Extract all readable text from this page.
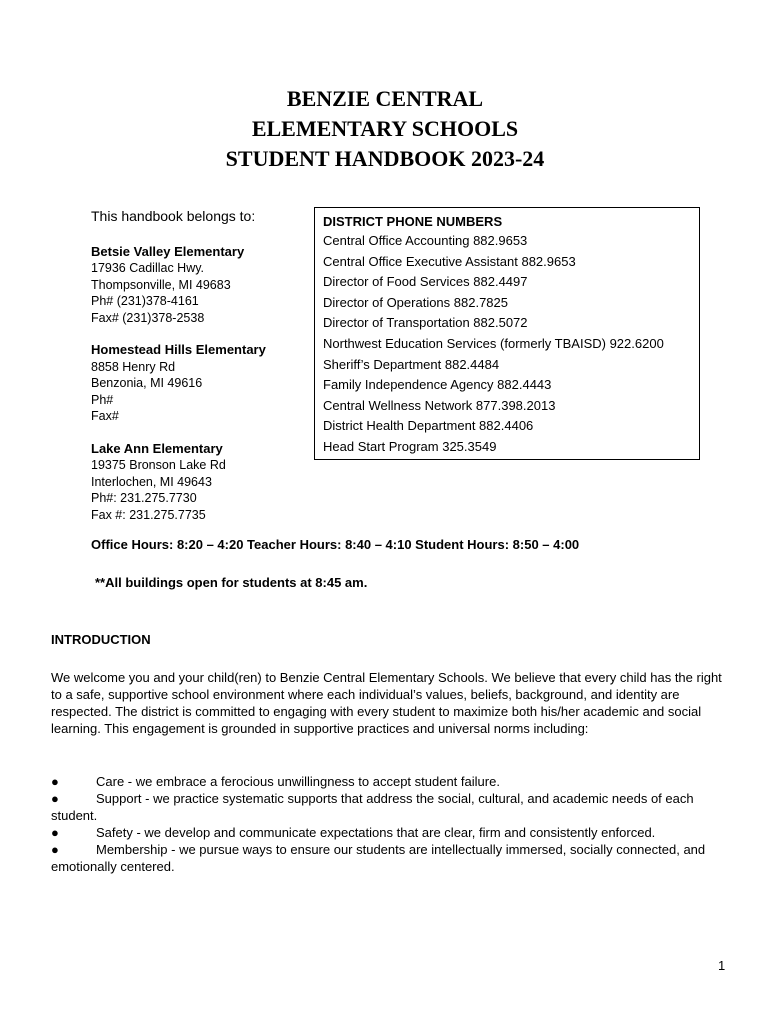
BENZIE CENTRAL
ELEMENTARY SCHOOLS
STUDENT HANDBOOK 2023-24
This handbook belongs to:
Betsie Valley Elementary
17936 Cadillac Hwy.
Thompsonville, MI 49683
Ph# (231)378-4161
Fax# (231)378-2538
Homestead Hills Elementary
8858 Henry Rd
Benzonia, MI 49616
Ph#
Fax#
Lake Ann Elementary
19375 Bronson Lake Rd
Interlochen, MI 49643
Ph#: 231.275.7730
Fax #: 231.275.7735
DISTRICT PHONE NUMBERS
Central Office Accounting 882.9653
Central Office Executive Assistant 882.9653
Director of Food Services 882.4497
Director of Operations 882.7825
Director of Transportation 882.5072
Northwest Education Services (formerly TBAISD) 922.6200
Sheriff’s Department 882.4484
Family Independence Agency 882.4443
Central Wellness Network 877.398.2013
District Health Department 882.4406
Head Start Program 325.3549
Office Hours: 8:20 – 4:20 Teacher Hours: 8:40 – 4:10 Student Hours: 8:50 – 4:00
**All buildings open for students at 8:45 am.
INTRODUCTION
We welcome you and your child(ren) to Benzie Central Elementary Schools. We believe that every child has the right to a safe, supportive school environment where each individual’s values, beliefs, background, and identity are respected. The district is committed to engaging with every student to maximize both his/her academic and social learning. This engagement is grounded in supportive practices and universal norms including:
●	Care - we embrace a ferocious unwillingness to accept student failure.
●	Support - we practice systematic supports that address the social, cultural, and academic needs of each student.
●	Safety - we develop and communicate expectations that are clear, firm and consistently enforced.
●	Membership - we pursue ways to ensure our students are intellectually immersed, socially connected, and emotionally centered.
1
